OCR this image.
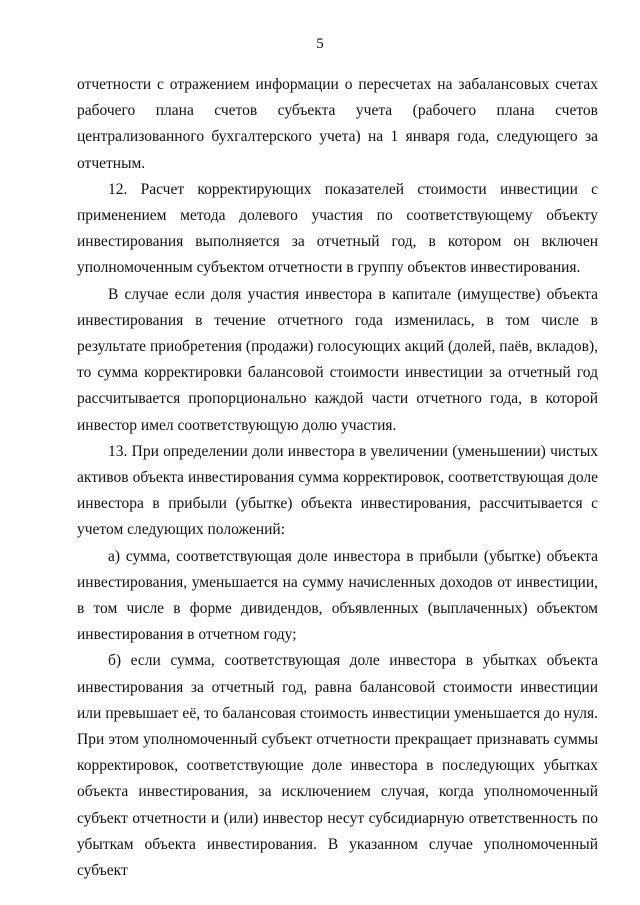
5

отчетности с отражением информации о пересчетах на забалансовых счетах рабочего плана счетов субъекта учета (рабочего плана счетов централизованного бухгалтерского учета) на 1 января года, следующего за отчетным.

12. Расчет корректирующих показателей стоимости инвестиции с применением метода долевого участия по соответствующему объекту инвестирования выполняется за отчетный год, в котором он включен уполномоченным субъектом отчетности в группу объектов инвестирования.

В случае если доля участия инвестора в капитале (имуществе) объекта инвестирования в течение отчетного года изменилась, в том числе в результате приобретения (продажи) голосующих акций (долей, паёв, вкладов), то сумма корректировки балансовой стоимости инвестиции за отчетный год рассчитывается пропорционально каждой части отчетного года, в которой инвестор имел соответствующую долю участия.

13. При определении доли инвестора в увеличении (уменьшении) чистых активов объекта инвестирования сумма корректировок, соответствующая доле инвестора в прибыли (убытке) объекта инвестирования, рассчитывается с учетом следующих положений:

а) сумма, соответствующая доле инвестора в прибыли (убытке) объекта инвестирования, уменьшается на сумму начисленных доходов от инвестиции, в том числе в форме дивидендов, объявленных (выплаченных) объектом инвестирования в отчетном году;

б) если сумма, соответствующая доле инвестора в убытках объекта инвестирования за отчетный год, равна балансовой стоимости инвестиции или превышает её, то балансовая стоимость инвестиции уменьшается до нуля. При этом уполномоченный субъект отчетности прекращает признавать суммы корректировок, соответствующие доле инвестора в последующих убытках объекта инвестирования, за исключением случая, когда уполномоченный субъект отчетности и (или) инвестор несут субсидиарную ответственность по убыткам объекта инвестирования. В указанном случае уполномоченный субъект
